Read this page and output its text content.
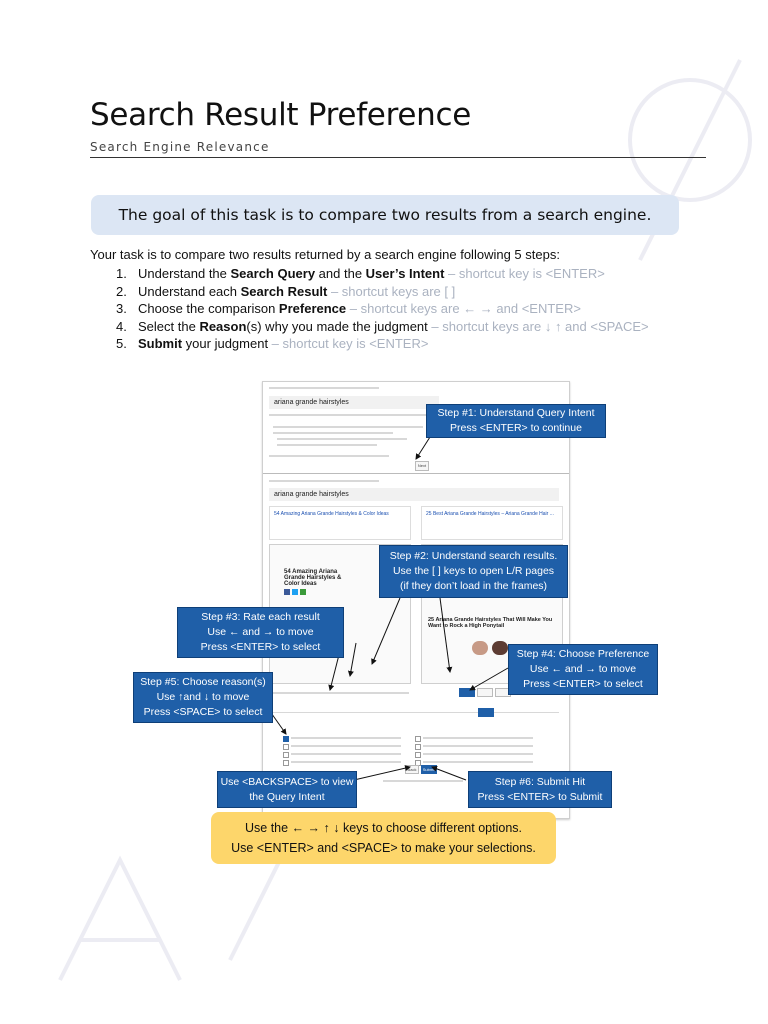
Search Result Preference
Search Engine Relevance
The goal of this task is to compare two results from a search engine.
Your task is to compare two results returned by a search engine following 5 steps:
1. Understand the Search Query and the User’s Intent – shortcut key is <ENTER>
2. Understand each Search Result – shortcut keys are [ ]
3. Choose the comparison Preference – shortcut keys are ← → and <ENTER>
4. Select the Reason(s) why you made the judgment – shortcut keys are ↓ ↑ and <SPACE>
5. Submit your judgment – shortcut key is <ENTER>
ariana grande hairstyles
Next
ariana grande hairstyles
54 Amazing Ariana Grande Hairstyles & Color Ideas	25 Best Ariana Grande Hairstyles – Ariana Grande Hair ...
54 Amazing Ariana Grande Hairstyles & Color Ideas
25 Ariana Grande Hairstyles That Will Make You Want to Rock a High Ponytail
Back	Submit
Step #1: Understand Query Intent
Press <ENTER> to continue
Step #2: Understand search results.
Use the [ ] keys to open L/R pages
(if they don’t load in the frames)
Step #3: Rate each result
Use ← and → to move
Press <ENTER> to select
Step #4: Choose Preference
Use ← and → to move
Press <ENTER> to select
Step #5: Choose reason(s)
Use ↑and ↓ to move
Press <SPACE> to select
Use <BACKSPACE> to view
the Query Intent
Step #6: Submit Hit
Press <ENTER> to Submit
Use the ← → ↑ ↓ keys to choose different options.
Use <ENTER> and <SPACE> to make your selections.
